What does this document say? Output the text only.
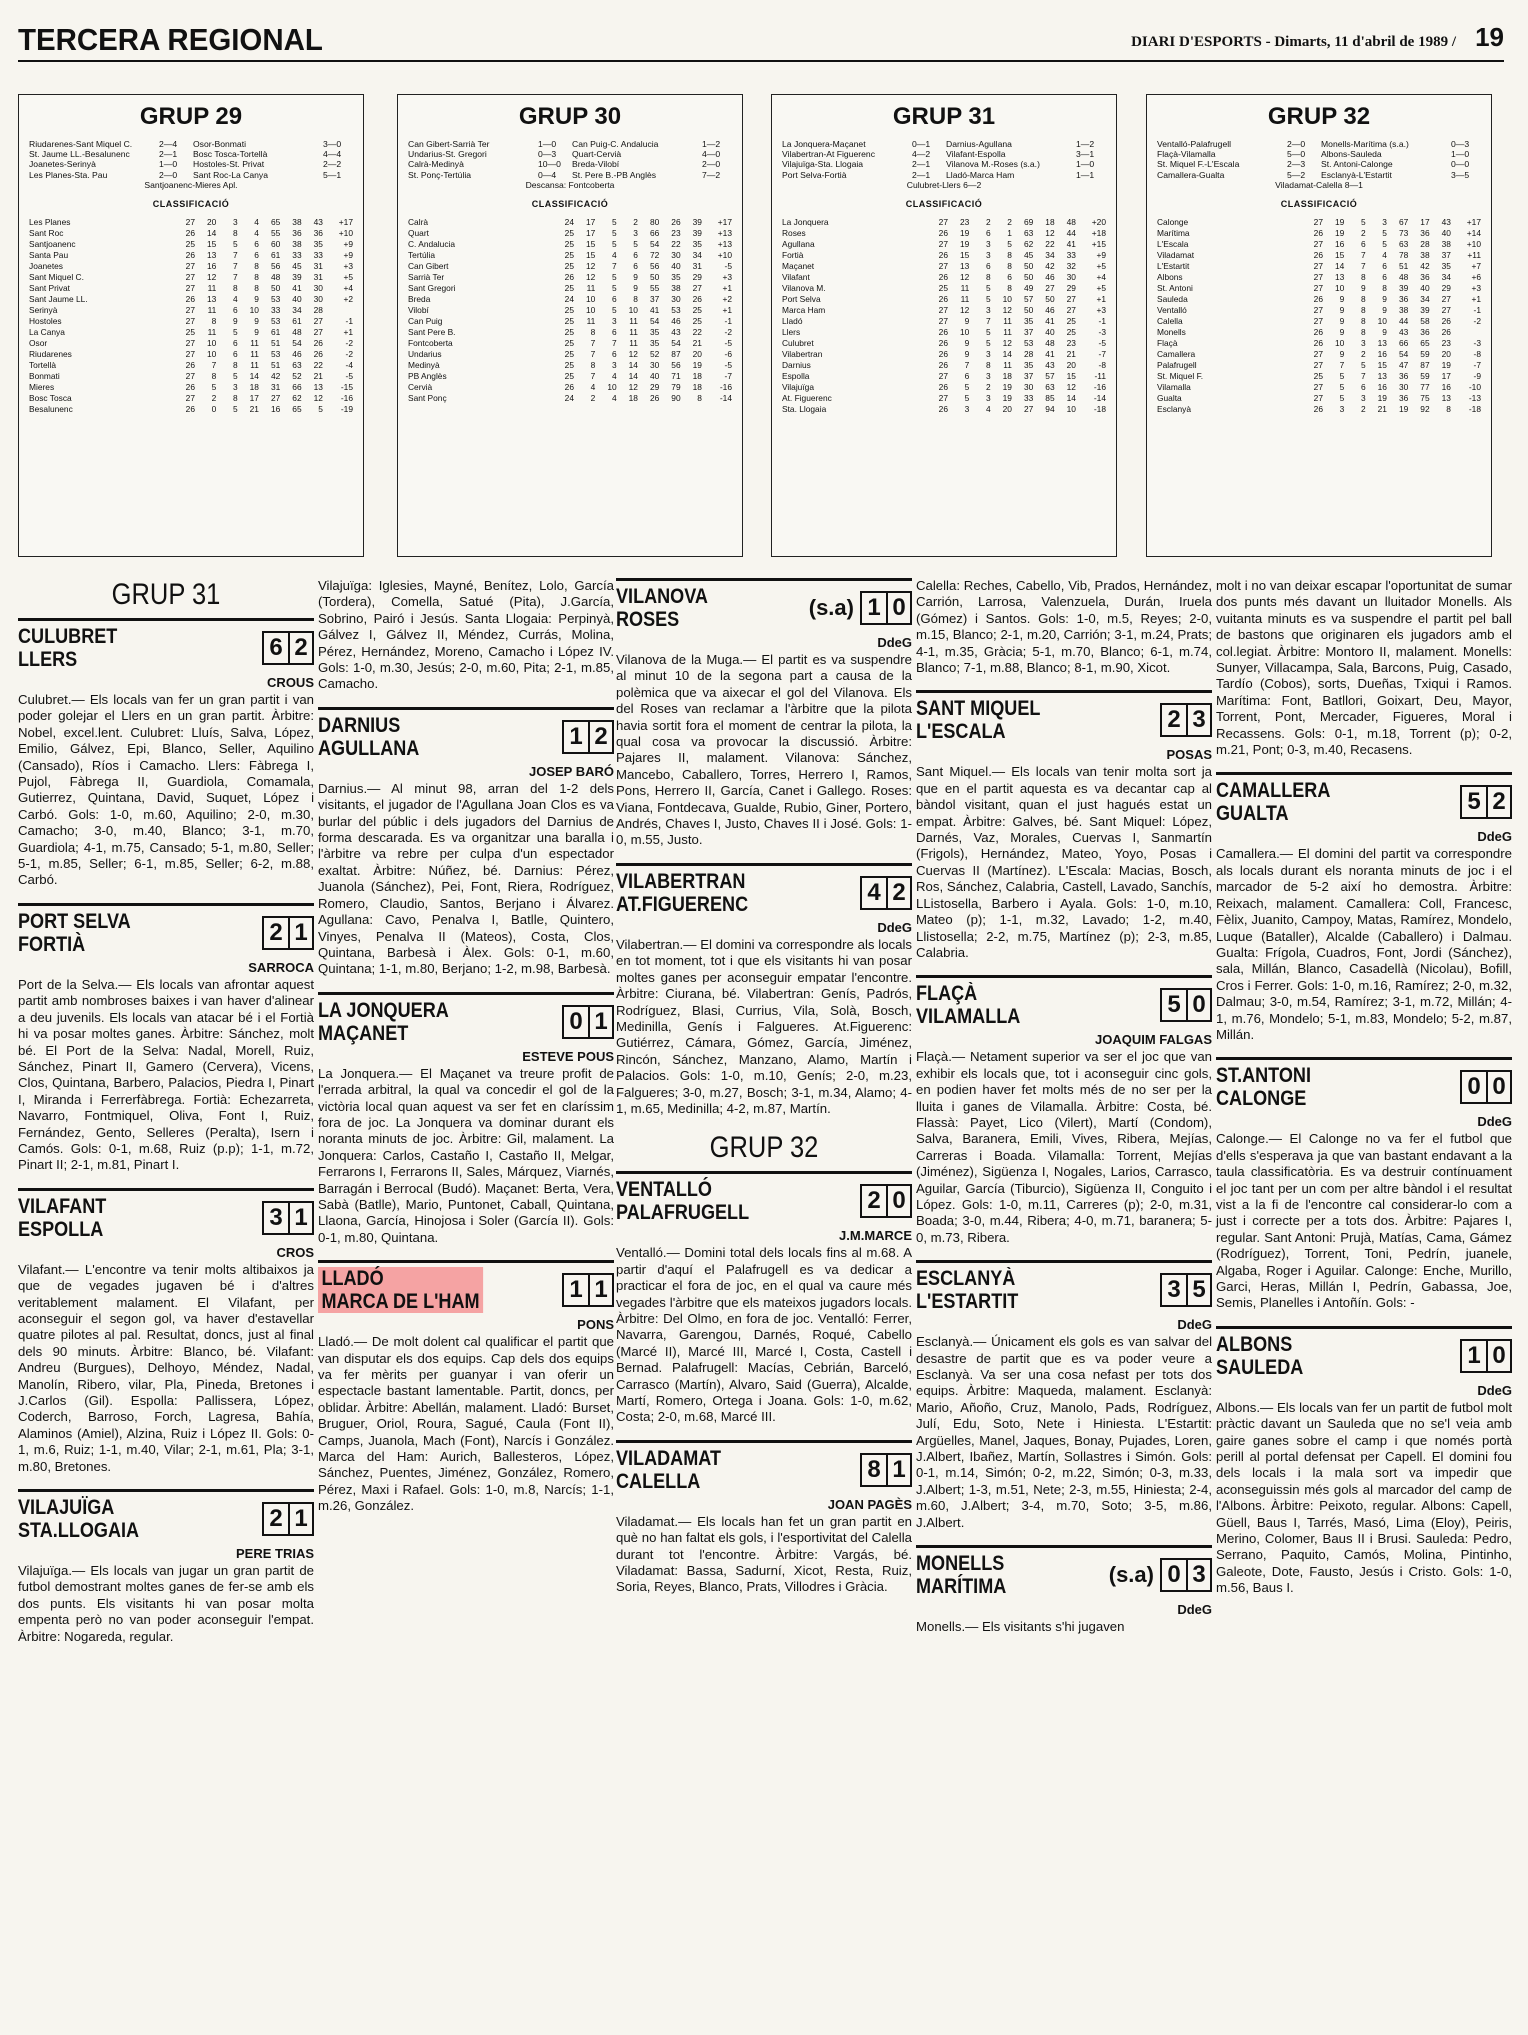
TERCERA REGIONAL	DIARI D'ESPORTS - Dimarts, 11 d'abril de 1989 / 19
GRUP 29
Riudarenes-Sant Miquel C.	2—4	Osor-Bonmati	3—0
St. Jaume LL.-Besalunenc	2—1	Bosc Tosca-Tortellà	4—4
Joanetes-Serinyà	1—0	Hostoles-St. Privat	2—2
Les Planes-Sta. Pau	2—0	Sant Roc-La Canya	5—1
Santjoanenc-Mieres Apl.
CLASSIFICACIÓ
Les Planes	27	20	3	4	65	38	43	+17
Sant Roc	26	14	8	4	55	36	36	+10
Santjoanenc	25	15	5	6	60	38	35	+9
Santa Pau	26	13	7	6	61	33	33	+9
Joanetes	27	16	7	8	56	45	31	+3
Sant Miquel C.	27	12	7	8	48	39	31	+5
Sant Privat	27	11	8	8	50	41	30	+4
Sant Jaume LL.	26	13	4	9	53	40	30	+2
Serinyà	27	11	6	10	33	34	28	
Hostoles	27	8	9	9	53	61	27	-1
La Canya	25	11	5	9	61	48	27	+1
Osor	27	10	6	11	51	54	26	-2
Riudarenes	27	10	6	11	53	46	26	-2
Tortellà	26	7	8	11	51	63	22	-4
Bonmati	27	8	5	14	42	52	21	-5
Mieres	26	5	3	18	31	66	13	-15
Bosc Tosca	27	2	8	17	27	62	12	-16
Besalunenc	26	0	5	21	16	65	5	-19
GRUP 30
Can Gibert-Sarrià Ter	1—0	Can Puig-C. Andalucia	1—2
Undarius-St. Gregori	0—3	Quart-Cervià	4—0
Calrà-Medinyà	10—0	Breda-Vilobí	2—0
St. Ponç-Tertúlia	0—4	St. Pere B.-PB Anglès	7—2
Descansa: Fontcoberta
CLASSIFICACIÓ
Calrà	24	17	5	2	80	26	39	+17
Quart	25	17	5	3	66	23	39	+13
C. Andalucia	25	15	5	5	54	22	35	+13
Tertúlia	25	15	4	6	72	30	34	+10
Can Gibert	25	12	7	6	56	40	31	-5
Sarrià Ter	26	12	5	9	50	35	29	+3
Sant Gregori	25	11	5	9	55	38	27	+1
Breda	24	10	6	8	37	30	26	+2
Vilobí	25	10	5	10	41	53	25	+1
Can Puig	25	11	3	11	54	46	25	-1
Sant Pere B.	25	8	6	11	35	43	22	-2
Fontcoberta	25	7	7	11	35	54	21	-5
Undarius	25	7	6	12	52	87	20	-6
Medinyà	25	8	3	14	30	56	19	-5
PB Anglès	25	7	4	14	40	71	18	-7
Cervià	26	4	10	12	29	79	18	-16
Sant Ponç	24	2	4	18	26	90	8	-14
GRUP 31
La Jonquera-Maçanet	0—1	Darnius-Agullana	1—2
Vilabertran-At Figuerenc	4—2	Vilafant-Espolla	3—1
Vilajuïga-Sta. Llogaia	2—1	Vilanova M.-Roses (s.a.)	1—0
Port Selva-Fortià	2—1	Lladó-Marca Ham	1—1
Culubret-Llers 6—2
CLASSIFICACIÓ
La Jonquera	27	23	2	2	69	18	48	+20
Roses	26	19	6	1	63	12	44	+18
Agullana	27	19	3	5	62	22	41	+15
Fortià	26	15	3	8	45	34	33	+9
Maçanet	27	13	6	8	50	42	32	+5
Vilafant	26	12	8	6	50	46	30	+4
Vilanova M.	25	11	5	8	49	27	29	+5
Port Selva	26	11	5	10	57	50	27	+1
Marca Ham	27	12	3	12	50	46	27	+3
Lladó	27	9	7	11	35	41	25	-1
Llers	26	10	5	11	37	40	25	-3
Culubret	26	9	5	12	53	48	23	-5
Vilabertran	26	9	3	14	28	41	21	-7
Darnius	26	7	8	11	35	43	20	-8
Espolla	27	6	3	18	37	57	15	-11
Vilajuïga	26	5	2	19	30	63	12	-16
At. Figuerenc	27	5	3	19	33	85	14	-14
Sta. Llogaia	26	3	4	20	27	94	10	-18
GRUP 32
Ventalló-Palafrugell	2—0	Monells-Marítima (s.a.)	0—3
Flaçà-Vilamalla	5—0	Albons-Sauleda	1—0
St. Miquel F.-L'Escala	2—3	St. Antoni-Calonge	0—0
Camallera-Gualta	5—2	Esclanyà-L'Estartit	3—5
Viladamat-Calella 8—1
CLASSIFICACIÓ
Calonge	27	19	5	3	67	17	43	+17
Marítima	26	19	2	5	73	36	40	+14
L'Escala	27	16	6	5	63	28	38	+10
Viladamat	26	15	7	4	78	38	37	+11
L'Estartit	27	14	7	6	51	42	35	+7
Albons	27	13	8	6	48	36	34	+6
St. Antoni	27	10	9	8	39	40	29	+3
Sauleda	26	9	8	9	36	34	27	+1
Ventalló	27	9	8	9	38	39	27	-1
Calella	27	9	8	10	44	58	26	-2
Monells	26	9	8	9	43	36	26	
Flaçà	26	10	3	13	66	65	23	-3
Camallera	27	9	2	16	54	59	20	-8
Palafrugell	27	7	5	15	47	87	19	-7
St. Miquel F.	25	5	7	13	36	59	17	-9
Vilamalla	27	5	6	16	30	77	16	-10
Gualta	27	5	3	19	36	75	13	-13
Esclanyà	26	3	2	21	19	92	8	-18
GRUP 31
CULUBRET
LLERS	6 2
CROUS

Culubret.— Els locals van fer un gran partit i van poder golejar el Llers en un gran partit. Àrbitre: Nobel, excel.lent. Culubret: Lluís, Salva, López, Emilio, Gálvez, Epi, Blanco, Seller, Aquilino (Cansado), Ríos i Camacho. Llers: Fàbrega I, Pujol, Fàbrega II, Guardiola, Comamala, Gutierrez, Quintana, David, Suquet, López i Carbó. Gols: 1-0, m.60, Aquilino; 2-0, m.30, Camacho; 3-0, m.40, Blanco; 3-1, m.70, Guardiola; 4-1, m.75, Cansado; 5-1, m.80, Seller; 5-1, m.85, Seller; 6-1, m.85, Seller; 6-2, m.88, Carbó.

PORT SELVA
FORTIÀ	2 1
SARROCA

Port de la Selva.— Els locals van afrontar aquest partit amb nombroses baixes i van haver d'alinear a deu juvenils. Els locals van atacar bé i el Fortià hi va posar moltes ganes. Àrbitre: Sánchez, molt bé. El Port de la Selva: Nadal, Morell, Ruiz, Sánchez, Pinart II, Gamero (Cervera), Vicens, Clos, Quintana, Barbero, Palacios, Piedra I, Pinart I, Miranda i Ferrerfàbrega. Fortià: Echezarreta, Navarro, Fontmiquel, Oliva, Font I, Ruiz, Fernández, Gento, Selleres (Peralta), Isern i Camós. Gols: 0-1, m.68, Ruiz (p.p); 1-1, m.72, Pinart II; 2-1, m.81, Pinart I.

VILAFANT
ESPOLLA	3 1
CROS

Vilafant.— L'encontre va tenir molts altibaixos ja que de vegades jugaven bé i d'altres veritablement malament. El Vilafant, per aconseguir el segon gol, va haver d'estavellar quatre pilotes al pal. Resultat, doncs, just al final dels 90 minuts. Àrbitre: Blanco, bé. Vilafant: Andreu (Burgues), Delhoyo, Méndez, Nadal, Manolín, Ribero, vilar, Pla, Pineda, Bretones i J.Carlos (Gil). Espolla: Pallissera, López, Coderch, Barroso, Forch, Lagresa, Bahía, Alaminos (Amiel), Alzina, Ruiz i López II. Gols: 0-1, m.6, Ruiz; 1-1, m.40, Vilar; 2-1, m.61, Pla; 3-1, m.80, Bretones.

VILAJUÏGA
STA.LLOGAIA	2 1
PERE TRIAS

Vilajuïga.— Els locals van jugar un gran partit de futbol demostrant moltes ganes de fer-se amb els dos punts. Els visitants hi van posar molta empenta però no van poder aconseguir l'empat. Àrbitre: Nogareda, regular.

Vilajuïga: Iglesies, Mayné, Benítez, Lolo, García (Tordera), Comella, Satué (Pita), J.García, Sobrino, Pairó i Jesús. Santa Llogaia: Perpinyà, Gálvez I, Gálvez II, Méndez, Currás, Molina, Pérez, Hernández, Moreno, Camacho i López IV. Gols: 1-0, m.30, Jesús; 2-0, m.60, Pita; 2-1, m.85, Camacho.

DARNIUS
AGULLANA	1 2
JOSEP BARÓ

Darnius.— Al minut 98, arran del 1-2 dels visitants, el jugador de l'Agullana Joan Clos es va burlar del públic i dels jugadors del Darnius de forma descarada. Es va organitzar una baralla i l'àrbitre va rebre per culpa d'un espectador exaltat. Àrbitre: Núñez, bé. Darnius: Pérez, Juanola (Sánchez), Pei, Font, Riera, Rodríguez, Romero, Claudio, Santos, Berjano i Álvarez. Agullana: Cavo, Penalva I, Batlle, Quintero, Vinyes, Penalva II (Mateos), Costa, Clos, Quintana, Barbesà i Àlex. Gols: 0-1, m.60, Quintana; 1-1, m.80, Berjano; 1-2, m.98, Barbesà.

LA JONQUERA
MAÇANET	0 1
ESTEVE POUS

La Jonquera.— El Maçanet va treure profit de l'errada arbitral, la qual va concedir el gol de la victòria local quan aquest va ser fet en claríssim fora de joc. La Jonquera va dominar durant els noranta minuts de joc. Àrbitre: Gil, malament. La Jonquera: Carlos, Castaño I, Castaño II, Melgar, Ferrarons I, Ferrarons II, Sales, Márquez, Viarnés, Barragán i Berrocal (Budó). Maçanet: Berta, Vera, Sabà (Batlle), Mario, Puntonet, Caball, Quintana, Llaona, García, Hinojosa i Soler (García II). Gols: 0-1, m.80, Quintana.

LLADÓ
MARCA DE L'HAM	1 1
PONS

Lladó.— De molt dolent cal qualificar el partit que van disputar els dos equips. Cap dels dos equips va fer mèrits per guanyar i van oferir un espectacle bastant lamentable. Partit, doncs, per oblidar. Àrbitre: Abellán, malament. Lladó: Burset, Bruguer, Oriol, Roura, Sagué, Caula (Font II), Camps, Juanola, Mach (Font), Narcís i González. Marca del Ham: Aurich, Ballesteros, López, Sánchez, Puentes, Jiménez, González, Romero, Pérez, Maxi i Rafael. Gols: 1-0, m.8, Narcís; 1-1, m.26, González.

VILANOVA
ROSES	(s.a) 1 0
DdeG

Vilanova de la Muga.— El partit es va suspendre al minut 10 de la segona part a causa de la polèmica que va aixecar el gol del Vilanova. Els del Roses van reclamar a l'àrbitre que la pilota havia sortit fora el moment de centrar la pilota, la qual cosa va provocar la discussió. Àrbitre: Pajares II, malament. Vilanova: Sánchez, Mancebo, Caballero, Torres, Herrero I, Ramos, Pons, Herrero II, García, Canet i Gallego. Roses: Viana, Fontdecava, Gualde, Rubio, Giner, Portero, Andrés, Chaves I, Justo, Chaves II i José. Gols: 1-0, m.55, Justo.

VILABERTRAN
AT.FIGUERENC	4 2
DdeG

Vilabertran.— El domini va correspondre als locals en tot moment, tot i que els visitants hi van posar moltes ganes per aconseguir empatar l'encontre. Àrbitre: Ciurana, bé. Vilabertran: Genís, Padrós, Rodríguez, Blasi, Currius, Vila, Solà, Bosch, Medinilla, Genís i Falgueres. At.Figuerenc: Gutiérrez, Cámara, Gómez, García, Jiménez, Rincón, Sánchez, Manzano, Alamo, Martín i Palacios. Gols: 1-0, m.10, Genís; 2-0, m.23, Falgueres; 3-0, m.27, Bosch; 3-1, m.34, Alamo; 4-1, m.65, Medinilla; 4-2, m.87, Martín.

GRUP 32
VENTALLÓ
PALAFRUGELL	2 0
J.M.MARCE

Ventalló.— Domini total dels locals fins al m.68. A partir d'aquí el Palafrugell es va dedicar a practicar el fora de joc, en el qual va caure més vegades l'àrbitre que els mateixos jugadors locals. Àrbitre: Del Olmo, en fora de joc. Ventalló: Ferrer, Navarra, Garengou, Darnés, Roqué, Cabello (Marcé II), Marcé III, Marcé I, Costa, Castell i Bernad. Palafrugell: Macías, Cebrián, Barceló, Carrasco (Martín), Alvaro, Said (Guerra), Alcalde, Martí, Romero, Ortega i Joana. Gols: 1-0, m.62, Costa; 2-0, m.68, Marcé III.

VILADAMAT
CALELLA	8 1
JOAN PAGÈS

Viladamat.— Els locals han fet un gran partit en què no han faltat els gols, i l'esportivitat del Calella durant tot l'encontre. Àrbitre: Vargás, bé. Viladamat: Bassa, Sadurní, Xicot, Resta, Ruiz, Soria, Reyes, Blanco, Prats, Villodres i Gràcia.

Calella: Reches, Cabello, Vib, Prados, Hernández, Carrión, Larrosa, Valenzuela, Durán, Iruela (Gómez) i Santos. Gols: 1-0, m.5, Reyes; 2-0, m.15, Blanco; 2-1, m.20, Carrión; 3-1, m.24, Prats; 4-1, m.35, Gràcia; 5-1, m.70, Blanco; 6-1, m.74, Blanco; 7-1, m.88, Blanco; 8-1, m.90, Xicot.

SANT MIQUEL
L'ESCALA	2 3
POSAS

Sant Miquel.— Els locals van tenir molta sort ja que en el partit aquesta es va decantar cap al bàndol visitant, quan el just hagués estat un empat. Àrbitre: Galves, bé. Sant Miquel: López, Darnés, Vaz, Morales, Cuervas I, Sanmartín (Frigols), Hernández, Mateo, Yoyo, Posas i Cuervas II (Martínez). L'Escala: Macias, Bosch, Ros, Sánchez, Calabria, Castell, Lavado, Sanchís, LListosella, Barbero i Ayala. Gols: 1-0, m.10, Mateo (p); 1-1, m.32, Lavado; 1-2, m.40, Llistosella; 2-2, m.75, Martínez (p); 2-3, m.85, Calabria.

FLAÇÀ
VILAMALLA	5 0
JOAQUIM FALGAS

Flaçà.— Netament superior va ser el joc que van exhibir els locals que, tot i aconseguir cinc gols, en podien haver fet molts més de no ser per la lluita i ganes de Vilamalla. Àrbitre: Costa, bé. Flassà: Payet, Lico (Vilert), Martí (Condom), Salva, Baranera, Emili, Vives, Ribera, Mejías, Carreras i Boada. Vilamalla: Torrent, Mejías (Jiménez), Sigüenza I, Nogales, Larios, Carrasco, Aguilar, García (Tiburcio), Sigüenza II, Conguito i López. Gols: 1-0, m.11, Carreres (p); 2-0, m.31, Boada; 3-0, m.44, Ribera; 4-0, m.71, baranera; 5-0, m.73, Ribera.

ESCLANYÀ
L'ESTARTIT	3 5
DdeG

Esclanyà.— Únicament els gols es van salvar del desastre de partit que es va poder veure a Esclanyà. Va ser una cosa nefast per tots dos equips. Àrbitre: Maqueda, malament. Esclanyà: Mario, Añoño, Cruz, Manolo, Pads, Rodríguez, Julí, Edu, Soto, Nete i Hiniesta. L'Estartit: Argüelles, Manel, Jaques, Bonay, Pujades, Loren, J.Albert, Ibañez, Martín, Sollastres i Simón. Gols: 0-1, m.14, Simón; 0-2, m.22, Simón; 0-3, m.33, J.Albert; 1-3, m.51, Nete; 2-3, m.55, Hiniesta; 2-4, m.60, J.Albert; 3-4, m.70, Soto; 3-5, m.86, J.Albert.

MONELLS
MARÍTIMA	(s.a) 0 3
DdeG

Monells.— Els visitants s'hi jugaven

molt i no van deixar escapar l'oportunitat de sumar dos punts més davant un lluitador Monells. Als vuitanta minuts es va suspendre el partit pel ball de bastons que originaren els jugadors amb el col.legiat. Àrbitre: Montoro II, malament. Monells: Sunyer, Villacampa, Sala, Barcons, Puig, Casado, Tardío (Cobos), sorts, Dueñas, Txiqui i Ramos. Marítima: Font, Batllori, Goixart, Deu, Mayor, Torrent, Pont, Mercader, Figueres, Moral i Recassens. Gols: 0-1, m.18, Torrent (p); 0-2, m.21, Pont; 0-3, m.40, Recasens.

CAMALLERA
GUALTA	5 2
DdeG

Camallera.— El domini del partit va correspondre als locals durant els noranta minuts de joc i el marcador de 5-2 així ho demostra. Àrbitre: Reixach, malament. Camallera: Coll, Francesc, Fèlix, Juanito, Campoy, Matas, Ramírez, Mondelo, Luque (Bataller), Alcalde (Caballero) i Dalmau. Gualta: Frígola, Cuadros, Font, Jordi (Sánchez), sala, Millán, Blanco, Casadellà (Nicolau), Bofill, Cros i Ferrer. Gols: 1-0, m.16, Ramírez; 2-0, m.32, Dalmau; 3-0, m.54, Ramírez; 3-1, m.72, Millán; 4-1, m.76, Mondelo; 5-1, m.83, Mondelo; 5-2, m.87, Millán.

ST.ANTONI
CALONGE	0 0
DdeG

Calonge.— El Calonge no va fer el futbol que d'ells s'esperava ja que van bastant endavant a la taula classificatòria. Es va destruir contínuament el joc tant per un com per altre bàndol i el resultat vist a la fi de l'encontre cal considerar-lo com a just i correcte per a tots dos. Àrbitre: Pajares I, regular. Sant Antoni: Prujà, Matías, Cama, Gámez (Rodríguez), Torrent, Toni, Pedrín, juanele, Algaba, Roger i Aguilar. Calonge: Enche, Murillo, Garci, Heras, Millán I, Pedrín, Gabassa, Joe, Semis, Planelles i Antoñín. Gols: -

ALBONS
SAULEDA	1 0
DdeG

Albons.— Els locals van fer un partit de futbol molt pràctic davant un Sauleda que no se'l veia amb gaire ganes sobre el camp i que només portà perill al portal defensat per Capell. El domini fou dels locals i la mala sort va impedir que aconseguissin més gols al marcador del camp de l'Albons. Àrbitre: Peixoto, regular. Albons: Capell, Güell, Baus I, Tarrés, Masó, Lima (Eloy), Peiris, Merino, Colomer, Baus II i Brusi. Sauleda: Pedro, Serrano, Paquito, Camós, Molina, Pintinho, Galeote, Dote, Fausto, Jesús i Cristo. Gols: 1-0, m.56, Baus I.
